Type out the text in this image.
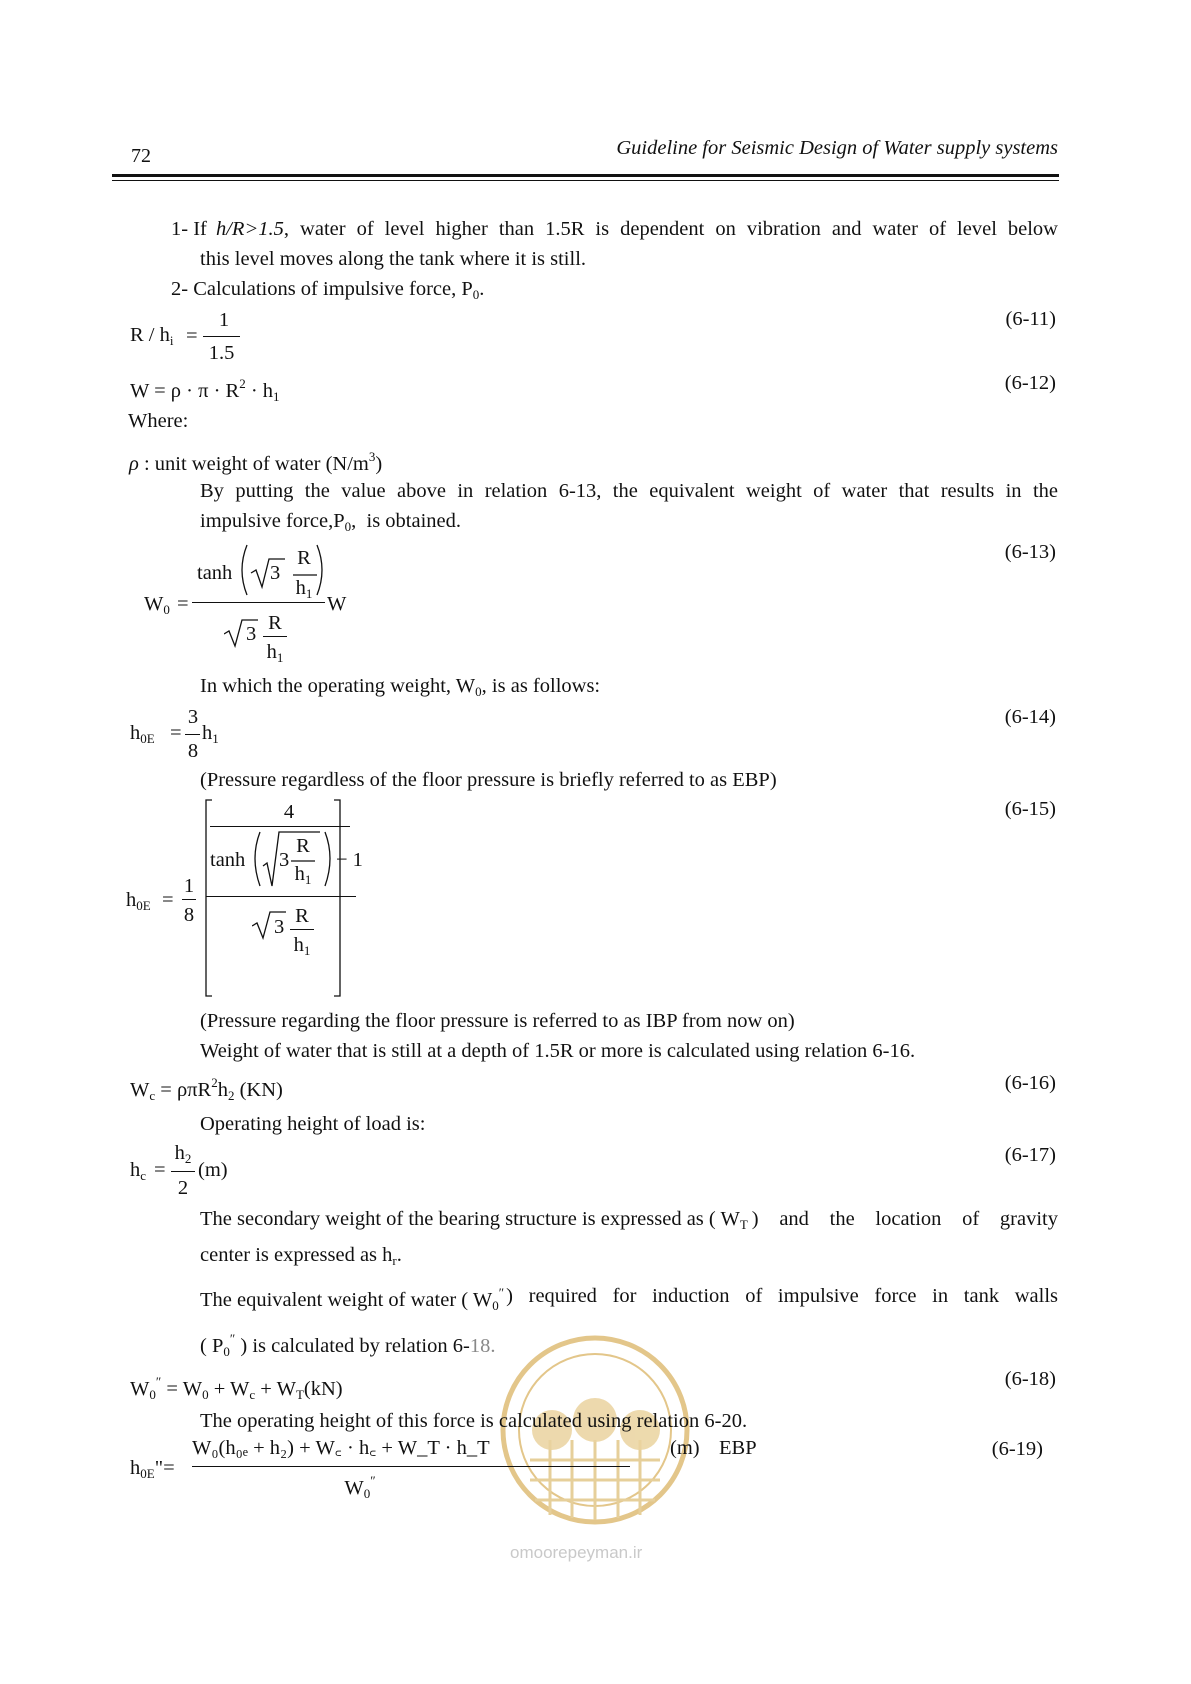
72	Guideline for Seismic Design of Water supply systems
1- If h/R>1.5 , water of level higher than 1.5R is dependent on vibration and water of level below
this level moves along the tank where it is still.
2- Calculations of impulsive force, $P_0$.
R / $h_i$ =
1
1.5
(6-11)
$W = \rho \cdot \pi \cdot R^2 \cdot h_1$
(6-12)
Where:
ρ : unit weight of water $(N/m^3)$
By putting the value above in relation 6-13, the equivalent weight of water that results in the
impulsive $force,P_0$,  is obtained.
$W_0$ =
tanh 3
R
$h_1$ W
3 R
$h_1$
(6-13)
In which the operating weight, $W_0$, is as follows:
$h_{0E}$ =
3
8
$h_1$
(6-14)
(Pressure regardless of the floor pressure is briefly referred to as EBP)
$h_{0E}$ =
1
8
4
tanh 3
R
$h_1$
− 1
3 R
$h_1$
(6-15)
(Pressure regarding the floor pressure is referred to as IBP from now on)
Weight of water that is still at a depth of 1.5R or more is calculated using relation 6-16.
$W_c = \rho\pi R^2h_2$ (KN)	(6-16)
Operating height of load is:
$h_c$ =
$h_2$
2
(m)
(6-17)
The secondary weight of the bearing structure is expressed as ( $W_T$ ) and the location of gravity
center is expressed as $h_r$.
The equivalent weight of water ( $W_0''$ ) required for induction of impulsive force in tank walls
( $P_0''$ ) is calculated by relation 6-18.
omoorepeyman.ir
$W_0'' = W_0 + W_c + W_T(kN)$	(6-18)
The operating height of this force is calculated using relation 6-20.
$h_{0E}"=$
W₀(h₀ₑ + h₂) + W꜀ · h꜀ + W_T · h_T
$W_0''$
(m) EBP	(6-19)
